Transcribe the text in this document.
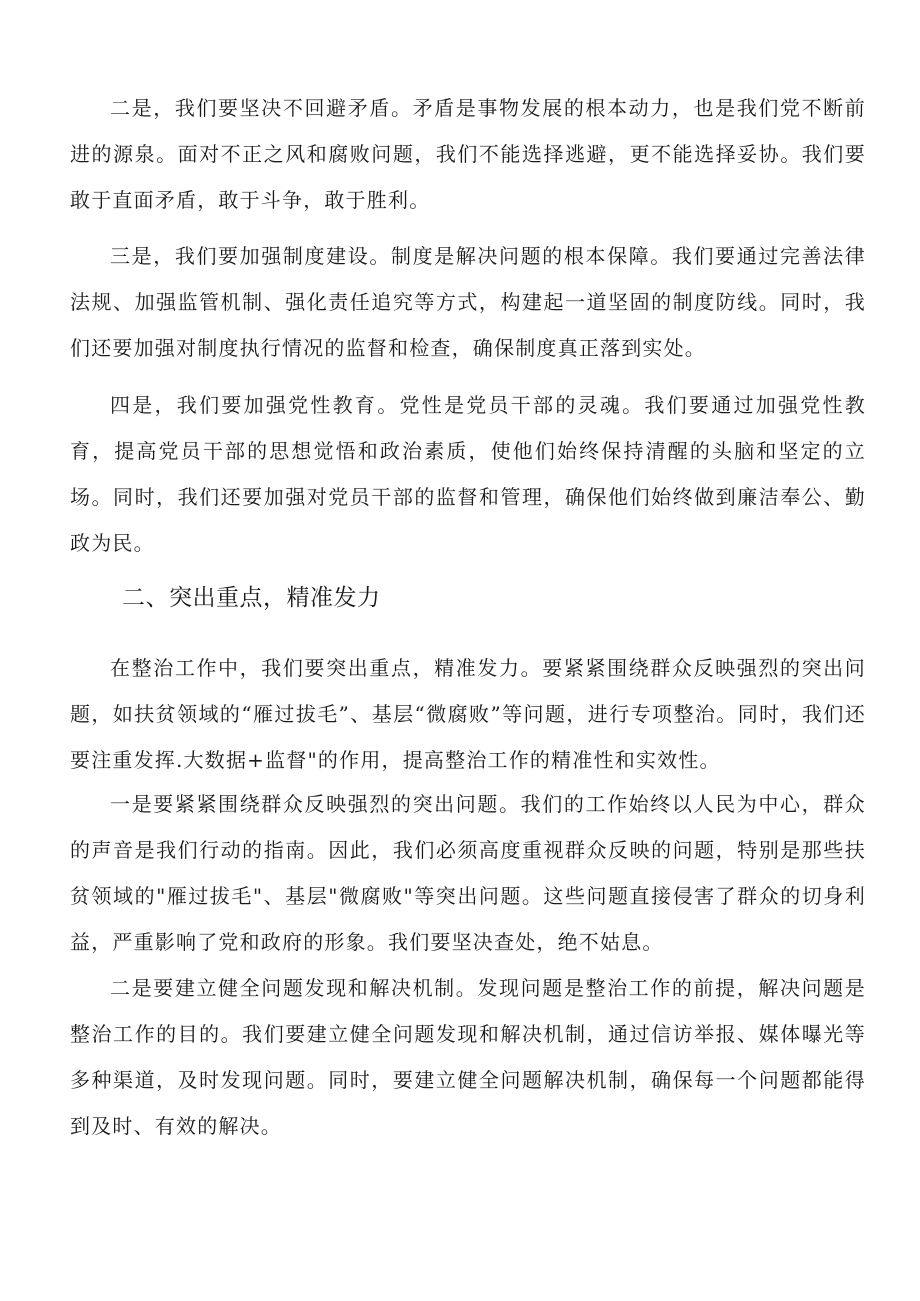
二是，我们要坚决不回避矛盾。矛盾是事物发展的根本动力，也是我们党不断前进的源泉。面对不正之风和腐败问题，我们不能选择逃避，更不能选择妥协。我们要敢于直面矛盾，敢于斗争，敢于胜利。

三是，我们要加强制度建设。制度是解决问题的根本保障。我们要通过完善法律法规、加强监管机制、强化责任追究等方式，构建起一道坚固的制度防线。同时，我们还要加强对制度执行情况的监督和检查，确保制度真正落到实处。

四是，我们要加强党性教育。党性是党员干部的灵魂。我们要通过加强党性教育，提高党员干部的思想觉悟和政治素质，使他们始终保持清醒的头脑和坚定的立场。同时，我们还要加强对党员干部的监督和管理，确保他们始终做到廉洁奉公、勤政为民。

二、突出重点，精准发力

在整治工作中，我们要突出重点，精准发力。要紧紧围绕群众反映强烈的突出问题，如扶贫领域的“雁过拔毛”、基层“微腐败”等问题，进行专项整治。同时，我们还要注重发挥.大数据+监督"的作用，提高整治工作的精准性和实效性。

一是要紧紧围绕群众反映强烈的突出问题。我们的工作始终以人民为中心，群众的声音是我们行动的指南。因此，我们必须高度重视群众反映的问题，特别是那些扶贫领域的"雁过拔毛"、基层"微腐败"等突出问题。这些问题直接侵害了群众的切身利益，严重影响了党和政府的形象。我们要坚决查处，绝不姑息。

二是要建立健全问题发现和解决机制。发现问题是整治工作的前提，解决问题是整治工作的目的。我们要建立健全问题发现和解决机制，通过信访举报、媒体曝光等多种渠道，及时发现问题。同时，要建立健全问题解决机制，确保每一个问题都能得到及时、有效的解决。
